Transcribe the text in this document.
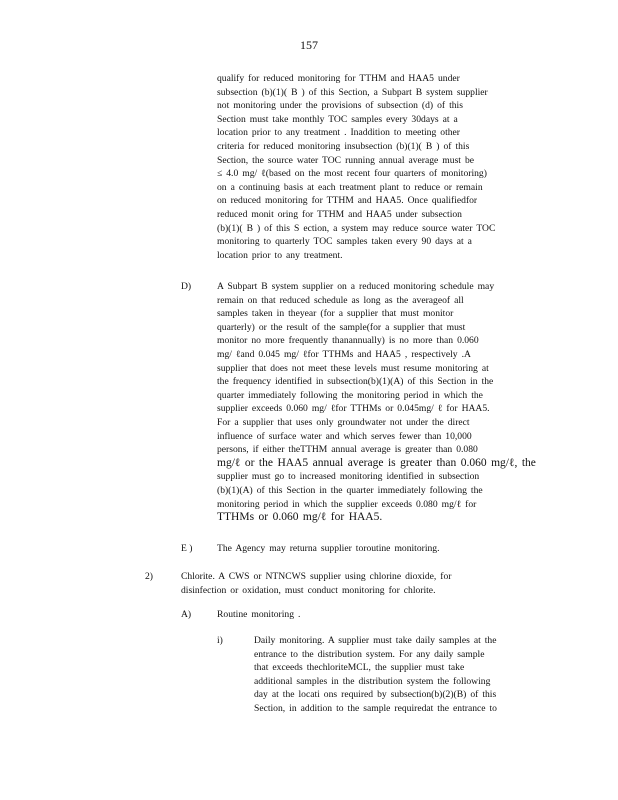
157
qualify for reduced monitoring for TTHM and HAA5 under
subsection (b)(1)( B ) of this Section, a Subpart B system supplier
not monitoring under the provisions of subsection (d) of this
Section must take monthly TOC samples every 30days at a
location prior to any treatment . Inaddition to meeting other
criteria for reduced monitoring insubsection (b)(1)( B ) of this
Section, the source water TOC running annual average must be
≤ 4.0 mg/ ℓ(based on the most recent four quarters of monitoring)
on a continuing basis at each treatment plant to reduce or remain
on reduced monitoring for TTHM and HAA5. Once qualifiedfor
reduced monit oring for TTHM and HAA5 under subsection
(b)(1)( B ) of this S ection, a system may reduce source water TOC
monitoring to quarterly TOC samples taken every 90 days at a
location prior to any treatment.
D)	A Subpart B system supplier on a reduced monitoring schedule may
remain on that reduced schedule as long as the averageof all
samples taken in theyear (for a supplier that must monitor
quarterly) or the result of the sample(for a supplier that must
monitor no more frequently thanannually) is no more than 0.060
mg/ ℓand 0.045 mg/ ℓfor TTHMs and HAA5 , respectively .A
supplier that does not meet these levels must resume monitoring at
the frequency identified in subsection(b)(1)(A) of this Section in the
quarter immediately following the monitoring period in which the
supplier exceeds 0.060 mg/ ℓfor TTHMs or 0.045mg/ ℓ for HAA5.
For a supplier that uses only groundwater not under the direct
influence of surface water and which serves fewer than 10,000
persons, if either theTTHM annual average is greater than 0.080
mg/ℓ or the HAA5 annual average is greater than 0.060 mg/ℓ, the
supplier must go to increased monitoring identified in subsection
(b)(1)(A) of this Section in the quarter immediately following the
monitoring period in which the supplier exceeds 0.080 mg/ℓ for
TTHMs or 0.060 mg/ℓ for HAA5.
E )	The Agency may returna supplier toroutine monitoring.
2)	Chlorite. A CWS or NTNCWS supplier using chlorine dioxide, for
disinfection or oxidation, must conduct monitoring for chlorite.
A)	Routine monitoring .
i)	Daily monitoring. A supplier must take daily samples at the
entrance to the distribution system. For any daily sample
that exceeds thechloriteMCL, the supplier must take
additional samples in the distribution system the following
day at the locati ons required by subsection(b)(2)(B) of this
Section, in addition to the sample requiredat the entrance to
